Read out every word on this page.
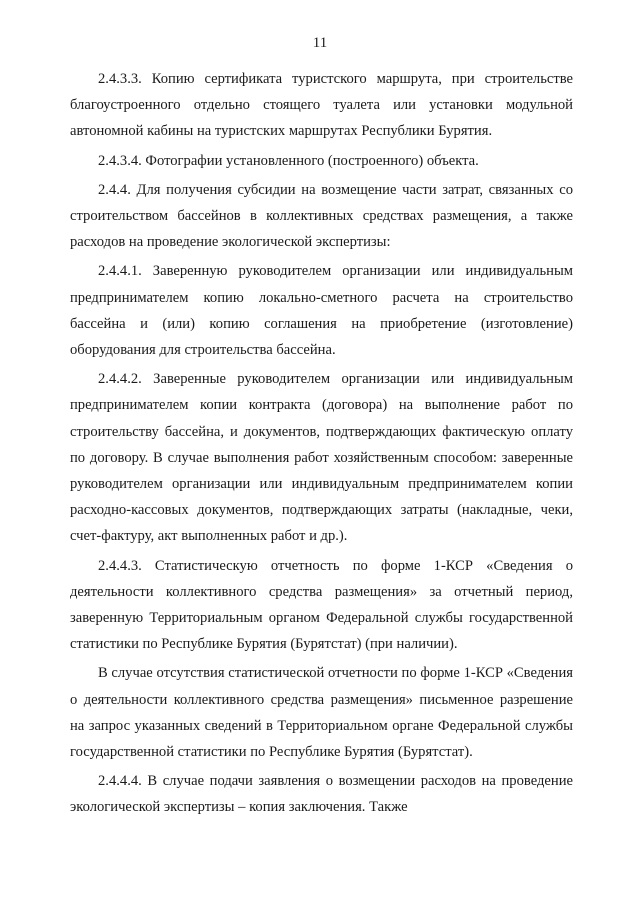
11

2.4.3.3. Копию сертификата туристского маршрута, при строительстве благоустроенного отдельно стоящего туалета или установки модульной автономной кабины на туристских маршрутах Республики Бурятия.

2.4.3.4. Фотографии установленного (построенного) объекта.

2.4.4. Для получения субсидии на возмещение части затрат, связанных со строительством бассейнов в коллективных средствах размещения, а также расходов на проведение экологической экспертизы:

2.4.4.1. Заверенную руководителем организации или индивидуальным предпринимателем копию локально-сметного расчета на строительство бассейна и (или) копию соглашения на приобретение (изготовление) оборудования для строительства бассейна.

2.4.4.2. Заверенные руководителем организации или индивидуальным предпринимателем копии контракта (договора) на выполнение работ по строительству бассейна, и документов, подтверждающих фактическую оплату по договору. В случае выполнения работ хозяйственным способом: заверенные руководителем организации или индивидуальным предпринимателем копии расходно-кассовых документов, подтверждающих затраты (накладные, чеки, счет-фактуру, акт выполненных работ и др.).

2.4.4.3. Статистическую отчетность по форме 1-КСР «Сведения о деятельности коллективного средства размещения» за отчетный период, заверенную Территориальным органом Федеральной службы государственной статистики по Республике Бурятия (Бурятстат) (при наличии).

В случае отсутствия статистической отчетности по форме 1-КСР «Сведения о деятельности коллективного средства размещения» письменное разрешение на запрос указанных сведений в Территориальном органе Федеральной службы государственной статистики по Республике Бурятия (Бурятстат).

2.4.4.4. В случае подачи заявления о возмещении расходов на проведение экологической экспертизы – копия заключения. Также
